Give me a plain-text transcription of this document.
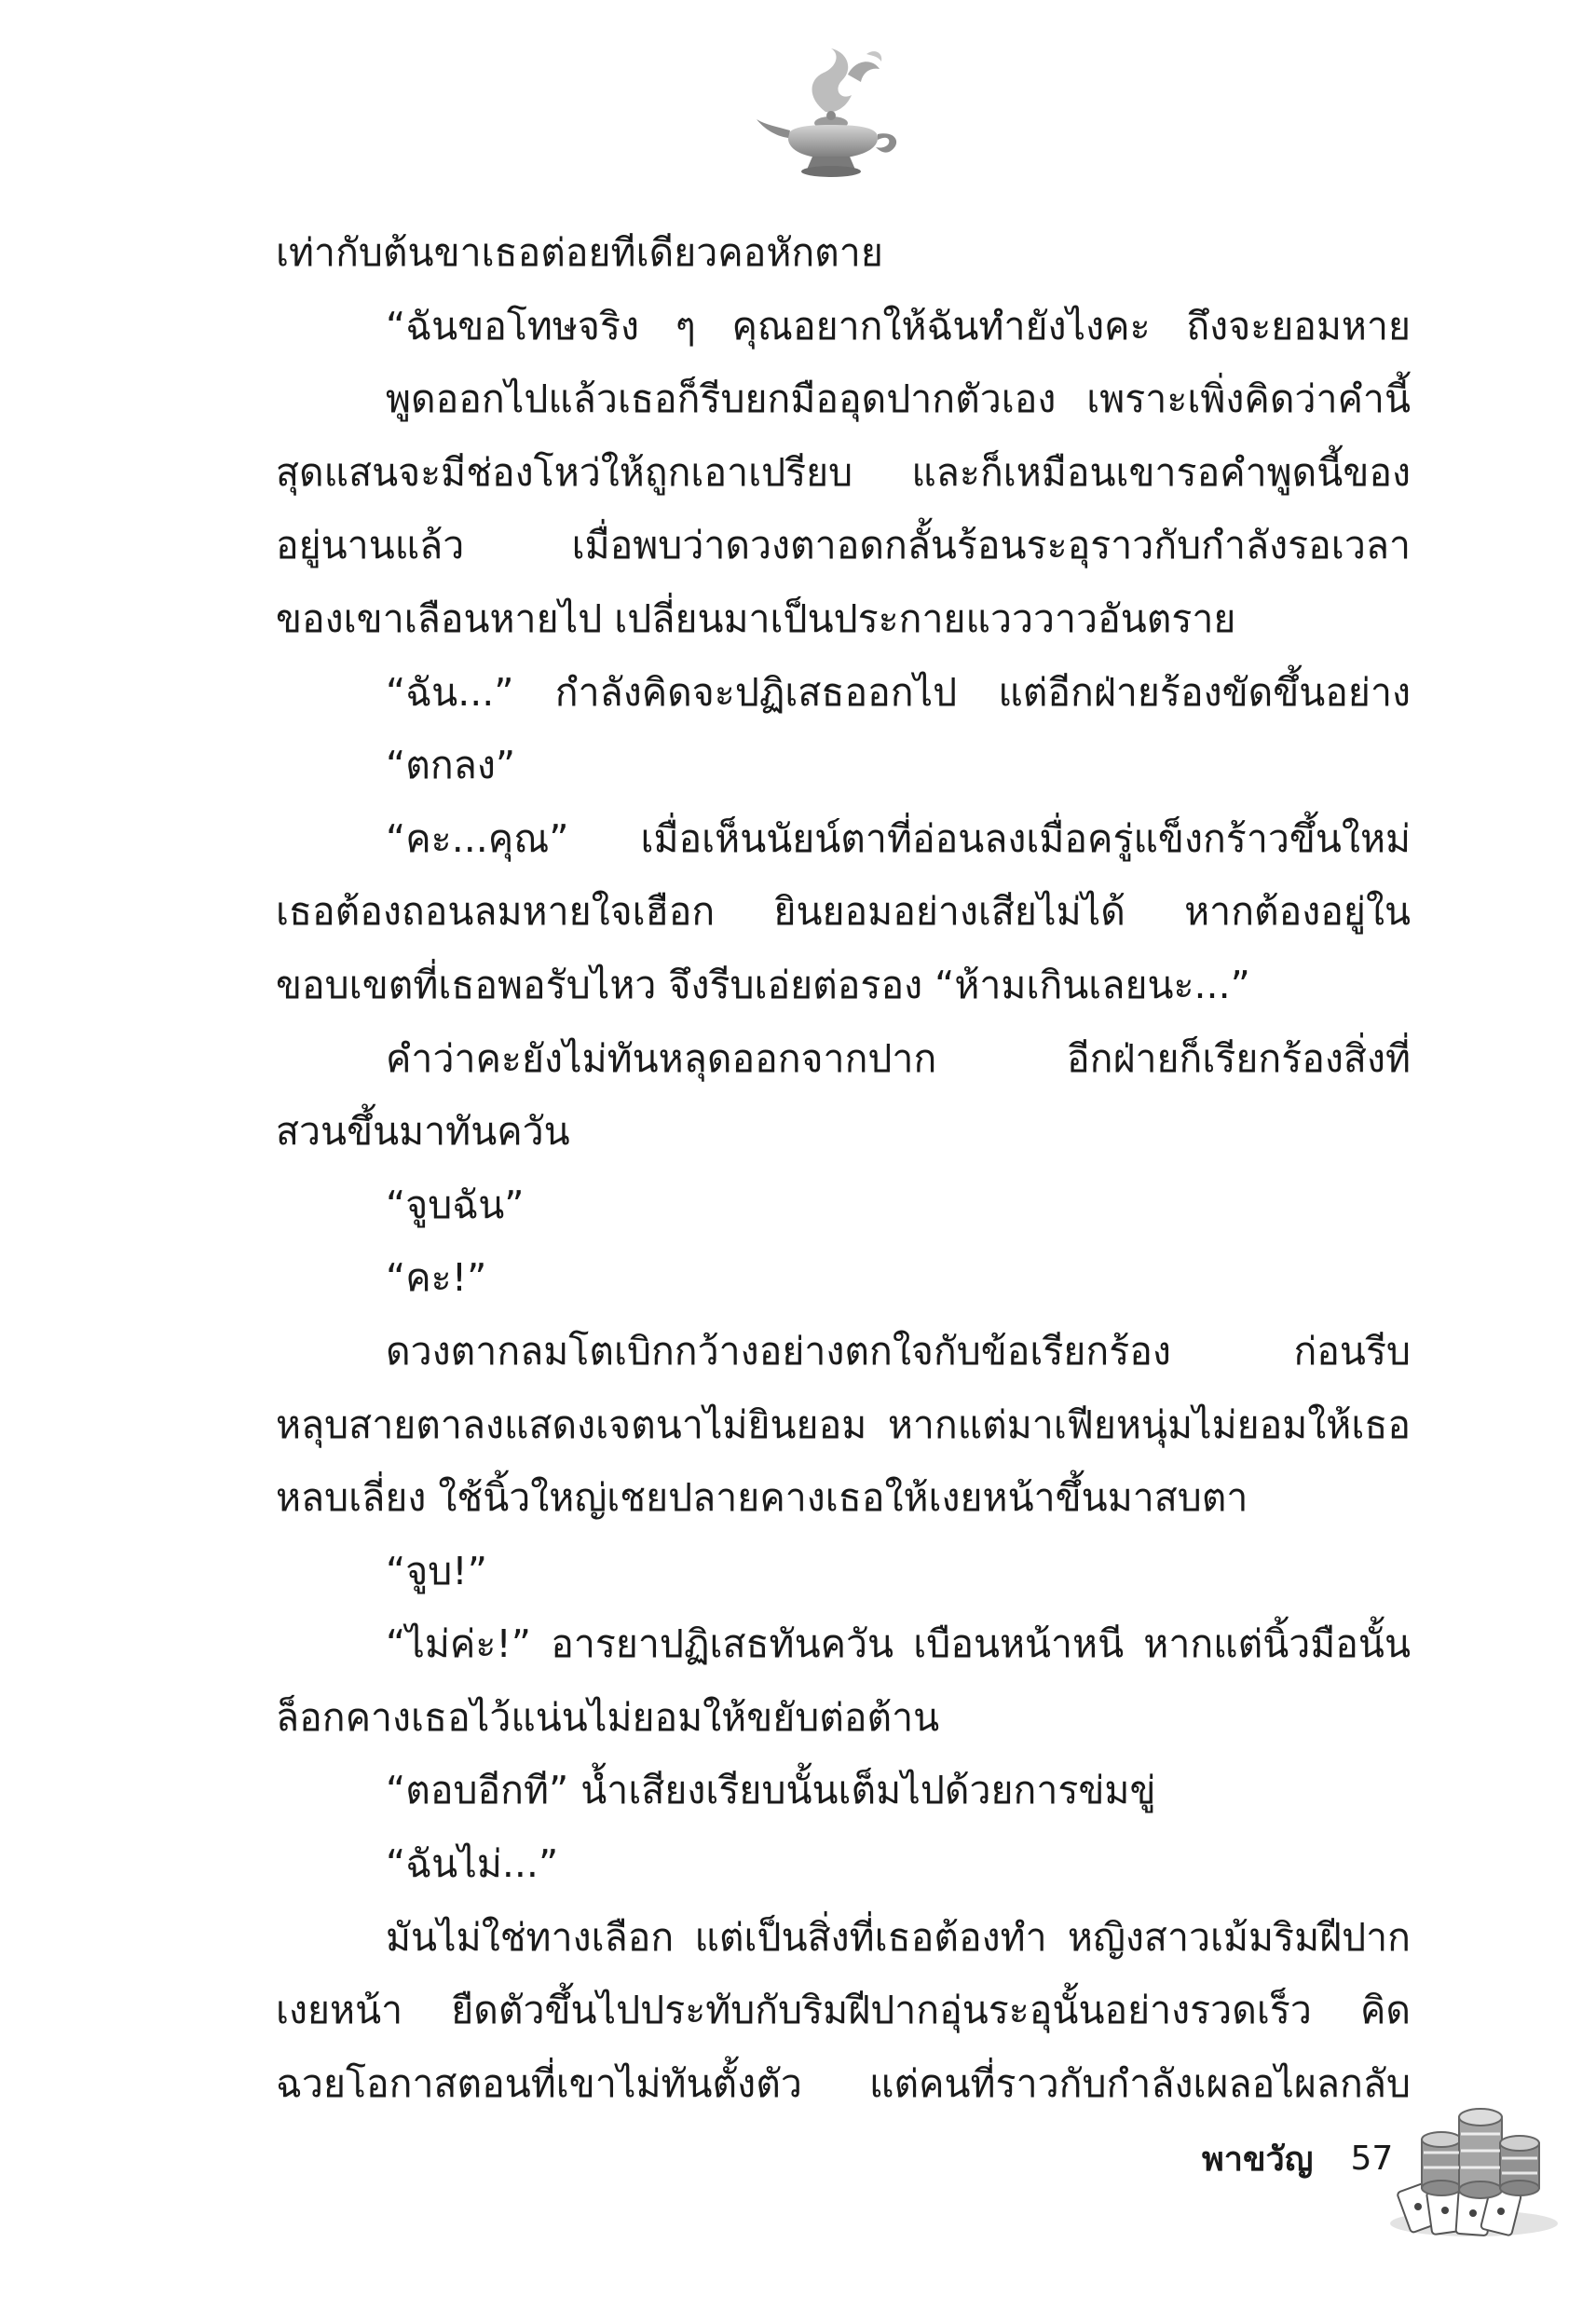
เท่ากับต้นขาเธอต่อยทีเดียวคอหักตาย
“ฉันขอโทษจริง ๆ คุณอยากให้ฉันทำยังไงคะ ถึงจะยอมหาย
พูดออกไปแล้วเธอก็รีบยกมืออุดปากตัวเอง เพราะเพิ่งคิดว่าคำนี้
สุดแสนจะมีช่องโหว่ให้ถูกเอาเปรียบ และก็เหมือนเขารอคำพูดนี้ของ
อยู่นานแล้ว เมื่อพบว่าดวงตาอดกลั้นร้อนระอุราวกับกำลังรอเวลา
ของเขาเลือนหายไป เปลี่ยนมาเป็นประกายแวววาวอันตราย
“ฉัน...” กำลังคิดจะปฏิเสธออกไป แต่อีกฝ่ายร้องขัดขึ้นอย่าง
“ตกลง”
“คะ...คุณ” เมื่อเห็นนัยน์ตาที่อ่อนลงเมื่อครู่แข็งกร้าวขึ้นใหม่
เธอต้องถอนลมหายใจเฮือก ยินยอมอย่างเสียไม่ได้ หากต้องอยู่ใน
ขอบเขตที่เธอพอรับไหว จึงรีบเอ่ยต่อรอง “ห้ามเกินเลยนะ...”
คำว่าคะยังไม่ทันหลุดออกจากปาก อีกฝ่ายก็เรียกร้องสิ่งที่
สวนขึ้นมาทันควัน
“จูบฉัน”
“คะ!”
ดวงตากลมโตเบิกกว้างอย่างตกใจกับข้อเรียกร้อง ก่อนรีบ
หลุบสายตาลงแสดงเจตนาไม่ยินยอม หากแต่มาเฟียหนุ่มไม่ยอมให้เธอ
หลบเลี่ยง ใช้นิ้วใหญ่เชยปลายคางเธอให้เงยหน้าขึ้นมาสบตา
“จูบ!”
“ไม่ค่ะ!” อารยาปฏิเสธทันควัน เบือนหน้าหนี หากแต่นิ้วมือนั้น
ล็อกคางเธอไว้แน่นไม่ยอมให้ขยับต่อต้าน
“ตอบอีกที” น้ำเสียงเรียบนั้นเต็มไปด้วยการข่มขู่
“ฉันไม่...”
มันไม่ใช่ทางเลือก แต่เป็นสิ่งที่เธอต้องทำ หญิงสาวเม้มริมฝีปาก
เงยหน้า ยืดตัวขึ้นไปประทับกับริมฝีปากอุ่นระอุนั้นอย่างรวดเร็ว คิด
ฉวยโอกาสตอนที่เขาไม่ทันตั้งตัว แต่คนที่ราวกับกำลังเผลอไผลกลับ
พาขวัญ 57
